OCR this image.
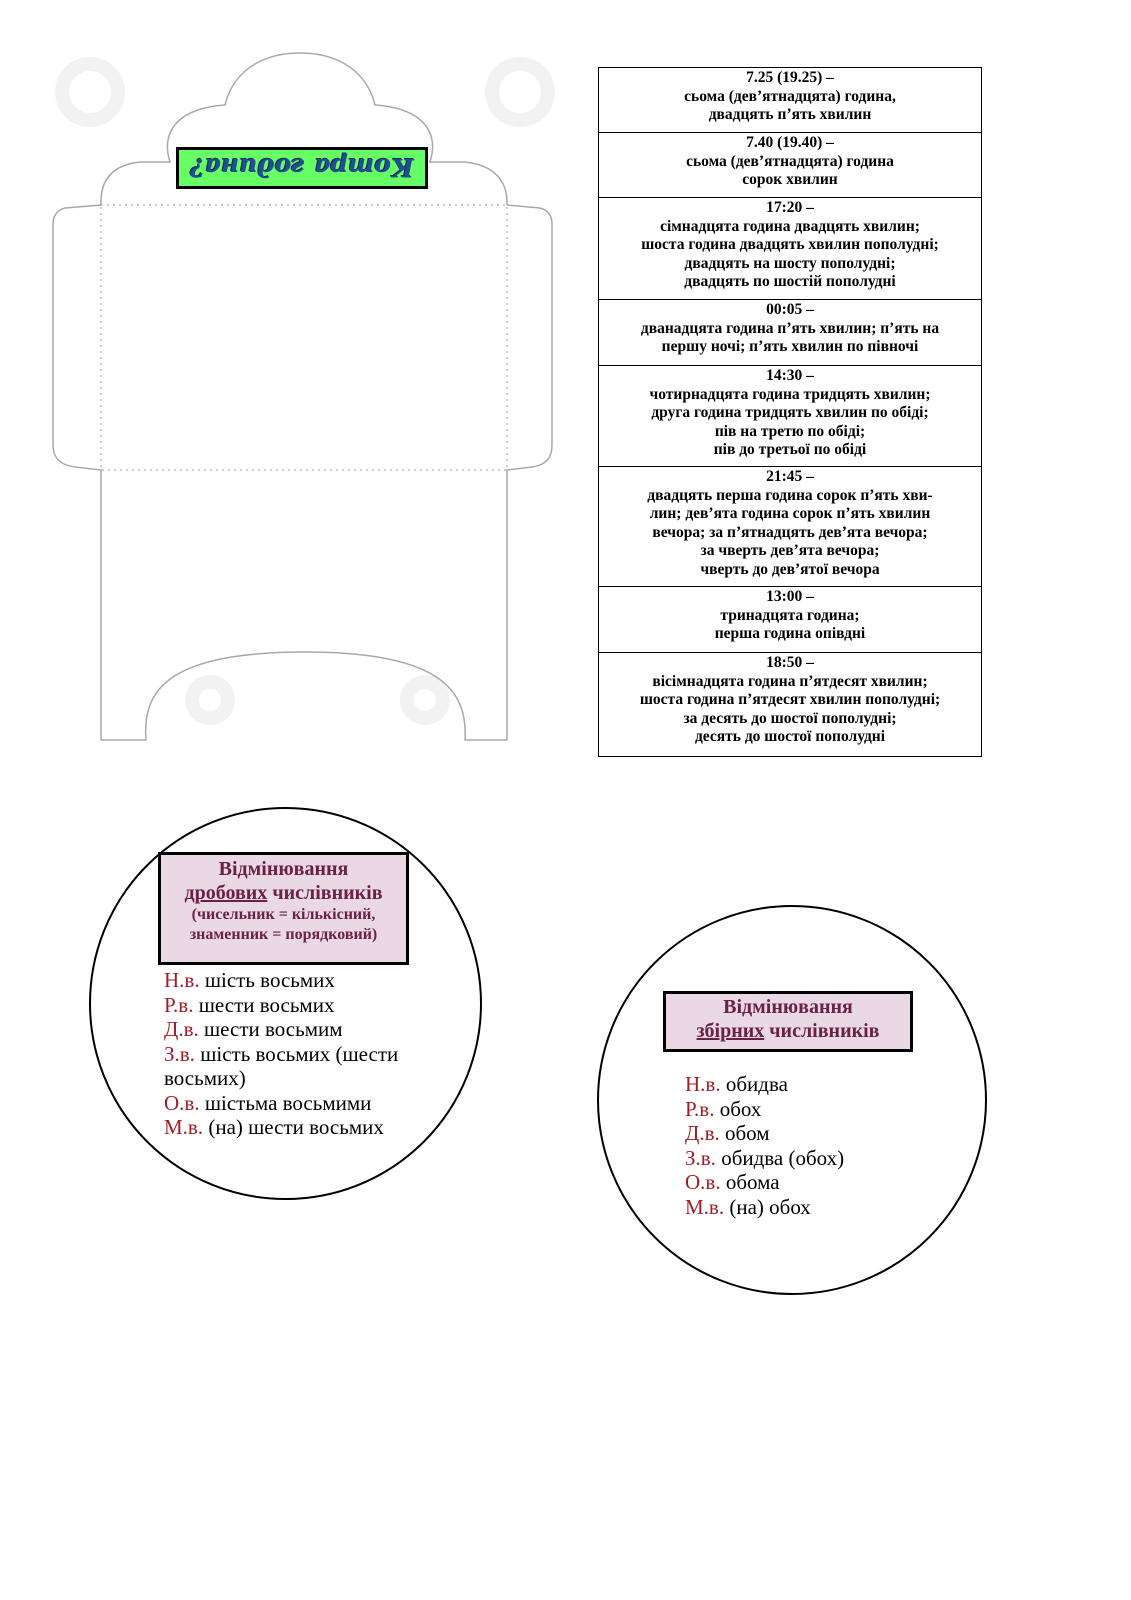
Котра година?
7.25 (19.25) –
сьома (дев’ятнадцята) година,
двадцять п’ять хвилин

7.40 (19.40) –
сьома (дев’ятнадцята) година
сорок хвилин

17:20 –
сімнадцята година двадцять хвилин;
шоста година двадцять хвилин пополудні;
двадцять на шосту пополудні;
двадцять по шостій пополудні

00:05 –
дванадцята година п’ять хвилин; п’ять на
першу ночі; п’ять хвилин по півночі

14:30 –
чотирнадцята година тридцять хвилин;
друга година тридцять хвилин по обіді;
пів на третю по обіді;
пів до третьої по обіді

21:45 –
двадцять перша година сорок п’ять хви-
лин; дев’ята година сорок п’ять хвилин
вечора; за п’ятнадцять дев’ята вечора;
за чверть дев’ята вечора;
чверть до дев’ятої вечора

13:00 –
тринадцята година;
перша година опівдні

18:50 –
вісімнадцята година п’ятдесят хвилин;
шоста година п’ятдесят хвилин пополудні;
за десять до шостої пополудні;
десять до шостої пополудні
Відмінювання
дробових числівників
(чисельник = кількісний,
знаменник = порядковий)
Н.в. шість восьмих
Р.в. шести восьмих
Д.в. шести восьмим
З.в. шість восьмих (шести восьмих)
О.в. шістьма восьмими
М.в. (на) шести восьмих
Відмінювання
збірних числівників
Н.в. обидва
Р.в. обох
Д.в. обом
З.в. обидва (обох)
О.в. обома
М.в. (на) обох
